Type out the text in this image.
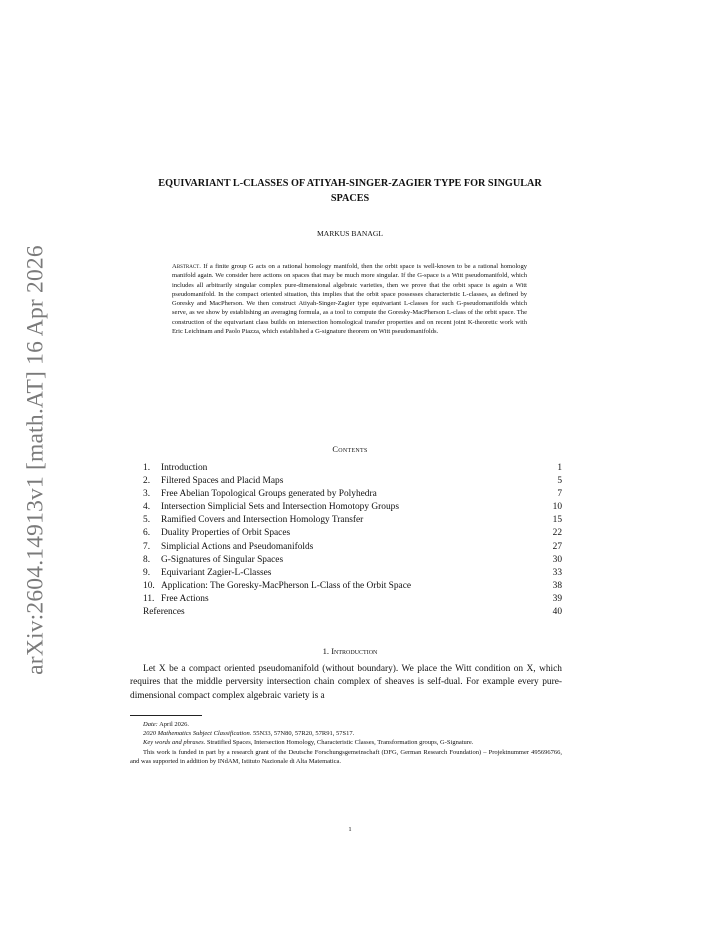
arXiv:2604.14913v1 [math.AT] 16 Apr 2026
EQUIVARIANT L-CLASSES OF ATIYAH-SINGER-ZAGIER TYPE FOR SINGULAR SPACES
MARKUS BANAGL
Abstract. If a finite group G acts on a rational homology manifold, then the orbit space is well-known to be a rational homology manifold again. We consider here actions on spaces that may be much more singular. If the G-space is a Witt pseudomanifold, which includes all arbitrarily singular complex pure-dimensional algebraic varieties, then we prove that the orbit space is again a Witt pseudomanifold. In the compact oriented situation, this implies that the orbit space possesses characteristic L-classes, as defined by Goresky and MacPherson. We then construct Atiyah-Singer-Zagier type equivariant L-classes for such G-pseudomanifolds which serve, as we show by establishing an averaging formula, as a tool to compute the Goresky-MacPherson L-class of the orbit space. The construction of the equivariant class builds on intersection homological transfer properties and on recent joint K-theoretic work with Eric Leichtnam and Paolo Piazza, which established a G-signature theorem on Witt pseudomanifolds.
Contents
1.	Introduction	1
2.	Filtered Spaces and Placid Maps	5
3.	Free Abelian Topological Groups generated by Polyhedra	7
4.	Intersection Simplicial Sets and Intersection Homotopy Groups	10
5.	Ramified Covers and Intersection Homology Transfer	15
6.	Duality Properties of Orbit Spaces	22
7.	Simplicial Actions and Pseudomanifolds	27
8.	G-Signatures of Singular Spaces	30
9.	Equivariant Zagier-L-Classes	33
10. Application: The Goresky-MacPherson L-Class of the Orbit Space	38
11. Free Actions	39
References	40
1. Introduction
Let X be a compact oriented pseudomanifold (without boundary). We place the Witt condition on X, which requires that the middle perversity intersection chain complex of sheaves is self-dual. For example every pure-dimensional compact complex algebraic variety is a

Date: April 2026.

2020 Mathematics Subject Classification. 55N33, 57N80, 57R20, 57R91, 57S17.

Key words and phrases. Stratified Spaces, Intersection Homology, Characteristic Classes, Transformation groups, G-Signature.

This work is funded in part by a research grant of the Deutsche Forschungsgemeinschaft (DFG, German Research Foundation) – Projektnummer 495696766, and was supported in addition by INdAM, Istituto Nazionale di Alta Matematica.

1
